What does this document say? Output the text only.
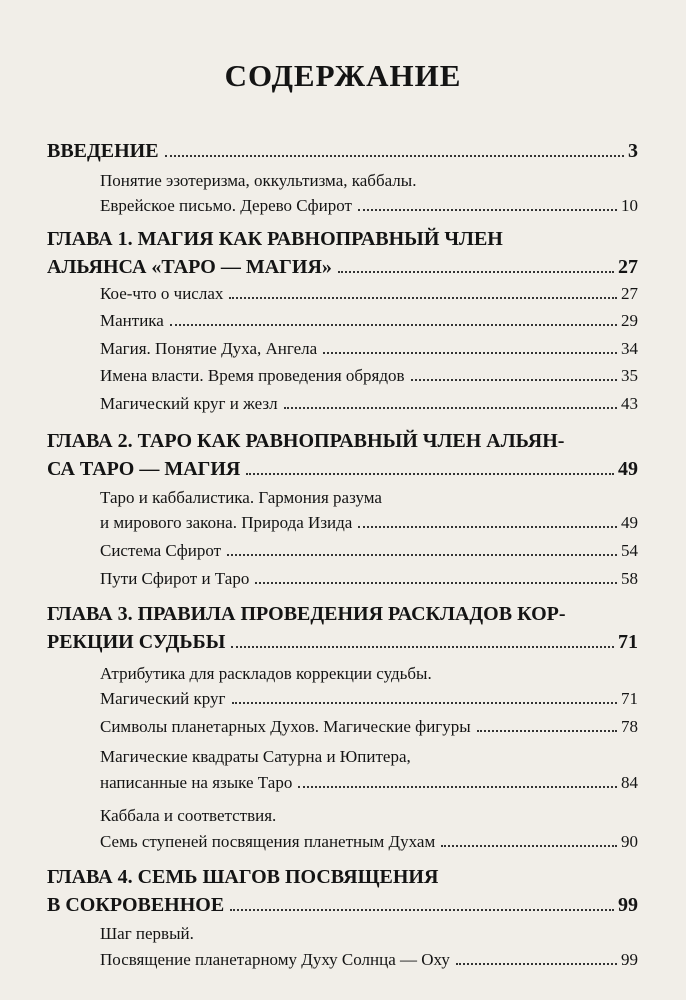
СОДЕРЖАНИЕ
ВВЕДЕНИЕ	3
Понятие эзотеризма, оккультизма, каббалы.
Еврейское письмо. Дерево Сфирот	10
ГЛАВА 1. МАГИЯ КАК РАВНОПРАВНЫЙ ЧЛЕН
АЛЬЯНСА «ТАРО — МАГИЯ»	27
Кое-что о числах	27
Мантика	29
Магия. Понятие Духа, Ангела	34
Имена власти. Время проведения обрядов	35
Магический круг и жезл	43
ГЛАВА 2. ТАРО КАК РАВНОПРАВНЫЙ ЧЛЕН АЛЬЯН-
СА ТАРО — МАГИЯ	49
Таро и каббалистика. Гармония разума
и мирового закона. Природа Изида	49
Система Сфирот	54
Пути Сфирот и Таро	58
ГЛАВА 3. ПРАВИЛА ПРОВЕДЕНИЯ РАСКЛАДОВ КОР-
РЕКЦИИ СУДЬБЫ	71
Атрибутика для раскладов коррекции судьбы.
Магический круг	71
Символы планетарных Духов. Магические фигуры	78
Магические квадраты Сатурна и Юпитера,
написанные на языке Таро	84
Каббала и соответствия.
Семь ступеней посвящения планетным Духам	90
ГЛАВА 4. СЕМЬ ШАГОВ ПОСВЯЩЕНИЯ
В СОКРОВЕННОЕ	99
Шаг первый.
Посвящение планетарному Духу Солнца — Оху	99
